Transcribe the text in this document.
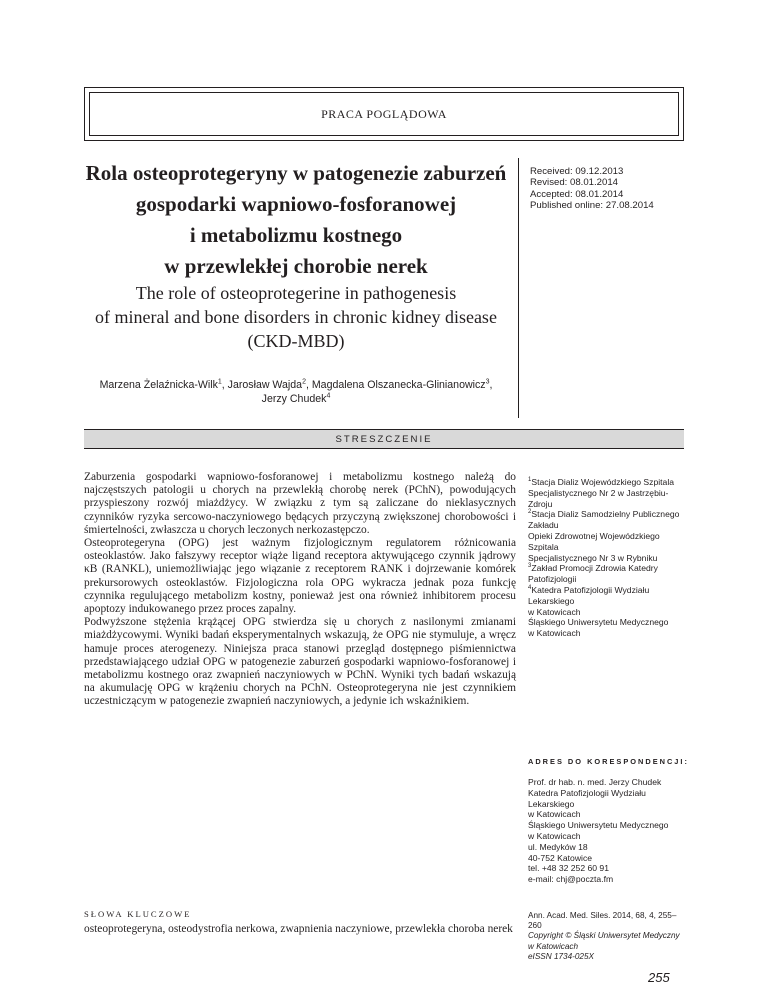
PRACA POGLĄDOWA
Rola osteoprotegeryny w patogenezie zaburzeń
gospodarki wapniowo-fosforanowej
i metabolizmu kostnego
w przewlekłej chorobie nerek
Received: 09.12.2013
Revised: 08.01.2014
Accepted: 08.01.2014
Published online: 27.08.2014
The role of osteoprotegerine in pathogenesis
of mineral and bone disorders in chronic kidney disease
(CKD-MBD)
Marzena Żelaźnicka-Wilk$^1$, Jarosław Wajda$^2$, Magdalena Olszanecka-Glinianowicz$^3$,
Jerzy Chudek$^4$
STRESZCZENIE

Zaburzenia gospodarki wapniowo-fosforanowej i metabolizmu kostnego należą do najczęstszych patologii u chorych na przewlekłą chorobę nerek (PChN), powodujących przyspieszony rozwój miażdżycy. W związku z tym są zaliczane do nieklasycznych czynników ryzyka sercowo-naczyniowego będących przyczyną zwiększonej chorobowości i śmiertelności, zwłaszcza u chorych leczonych nerkozastępczo.

Osteoprotegeryna (OPG) jest ważnym fizjologicznym regulatorem różnicowania osteoklastów. Jako fałszywy receptor wiąże ligand receptora aktywującego czynnik jądrowy κB (RANKL), uniemożliwiając jego wiązanie z receptorem RANK i dojrzewanie komórek prekursorowych osteoklastów. Fizjologiczna rola OPG wykracza jednak poza funkcję czynnika regulującego metabolizm kostny, ponieważ jest ona również inhibitorem procesu apoptozy indukowanego przez proces zapalny.

Podwyższone stężenia krążącej OPG stwierdza się u chorych z nasilonymi zmianami miażdżycowymi. Wyniki badań eksperymentalnych wskazują, że OPG nie stymuluje, a wręcz hamuje proces aterogenezy. Niniejsza praca stanowi przegląd dostępnego piśmiennictwa przedstawiającego udział OPG w patogenezie zaburzeń gospodarki wapniowo-fosforanowej i metabolizmu kostnego oraz zwapnień naczyniowych w PChN. Wyniki tych badań wskazują na akumulację OPG w krążeniu chorych na PChN. Osteoprotegeryna nie jest czynnikiem uczestniczącym w patogenezie zwapnień naczyniowych, a jedynie ich wskaźnikiem.

$^1$Stacja Dializ Wojewódzkiego Szpitala
Specjalistycznego Nr 2 w Jastrzębiu-Zdroju
$^2$Stacja Dializ Samodzielny Publicznego Zakładu
Opieki Zdrowotnej Wojewódzkiego Szpitala
Specjalistycznego Nr 3 w Rybniku
$^3$Zakład Promocji Zdrowia Katedry Patofizjologii
$^4$Katedra Patofizjologii Wydziału Lekarskiego
w Katowicach
Śląskiego Uniwersytetu Medycznego
w Katowicach
ADRES DO KORESPONDENCJI:
Prof. dr hab. n. med. Jerzy Chudek
Katedra Patofizjologii Wydziału Lekarskiego
w Katowicach
Śląskiego Uniwersytetu Medycznego
w Katowicach
ul. Medyków 18
40-752 Katowice
tel. +48 32 252 60 91
e-mail: chj@poczta.fm
SŁOWA KLUCZOWE
osteoprotegeryna, osteodystrofia nerkowa, zwapnienia naczyniowe, przewlekła choroba nerek
Ann. Acad. Med. Siles. 2014, 68, 4, 255–260
Copyright © Śląski Uniwersytet Medyczny
w Katowicach
eISSN 1734-025X
255
